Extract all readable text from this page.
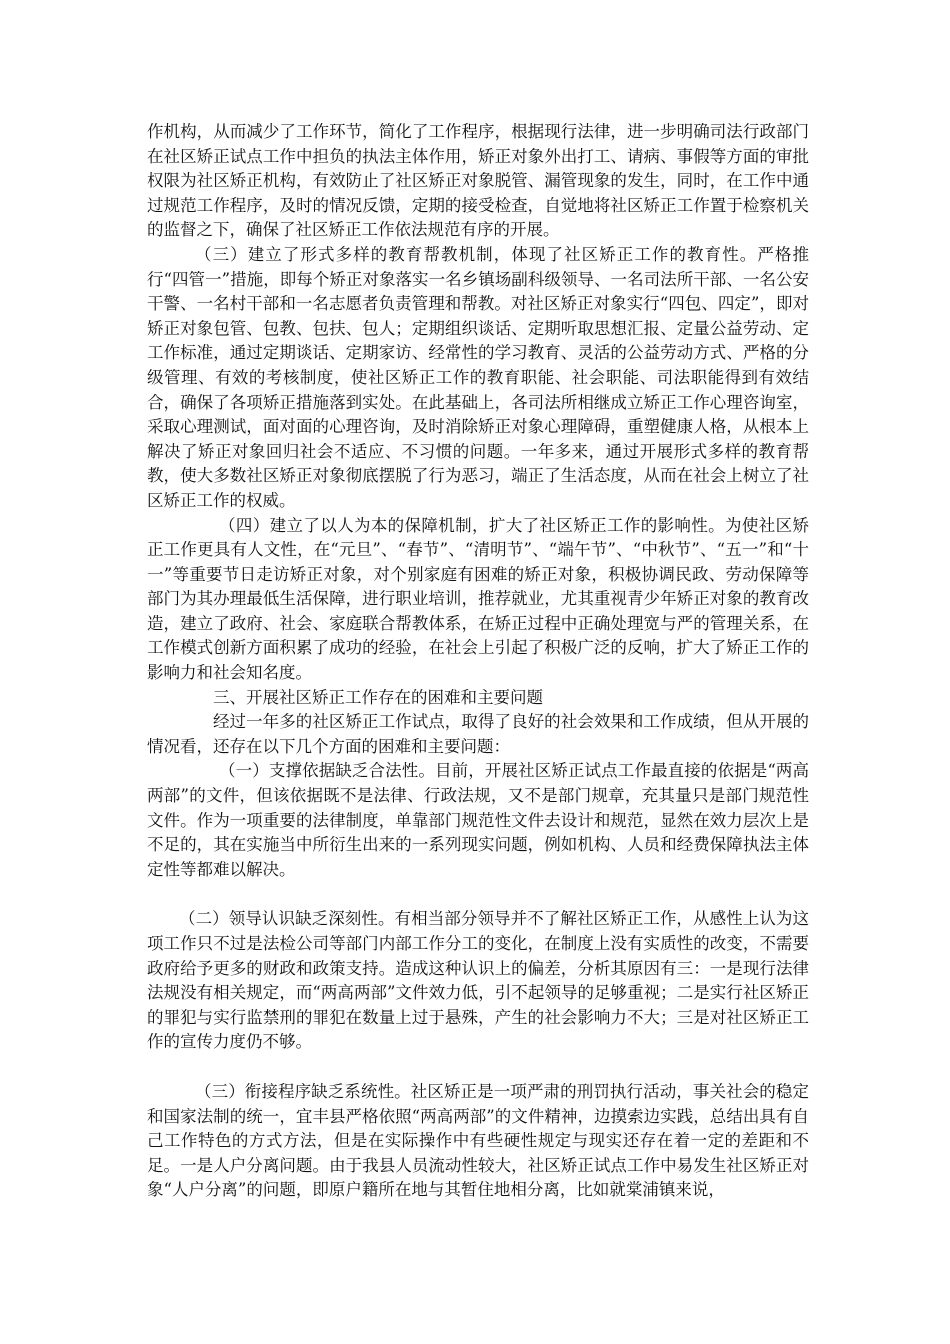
作机构，从而减少了工作环节，简化了工作程序，根据现行法律，进一步明确司法行政部门在社区矫正试点工作中担负的执法主体作用，矫正对象外出打工、请病、事假等方面的审批权限为社区矫正机构，有效防止了社区矫正对象脱管、漏管现象的发生，同时，在工作中通过规范工作程序，及时的情况反馈，定期的接受检查，自觉地将社区矫正工作置于检察机关的监督之下，确保了社区矫正工作依法规范有序的开展。

（三）建立了形式多样的教育帮教机制，体现了社区矫正工作的教育性。严格推行“四管一”措施，即每个矫正对象落实一名乡镇场副科级领导、一名司法所干部、一名公安干警、一名村干部和一名志愿者负责管理和帮教。对社区矫正对象实行“四包、四定”，即对矫正对象包管、包教、包扶、包人；定期组织谈话、定期听取思想汇报、定量公益劳动、定工作标准，通过定期谈话、定期家访、经常性的学习教育、灵活的公益劳动方式、严格的分级管理、有效的考核制度，使社区矫正工作的教育职能、社会职能、司法职能得到有效结合，确保了各项矫正措施落到实处。在此基础上，各司法所相继成立矫正工作心理咨询室，采取心理测试，面对面的心理咨询，及时消除矫正对象心理障碍，重塑健康人格，从根本上解决了矫正对象回归社会不适应、不习惯的问题。一年多来，通过开展形式多样的教育帮教，使大多数社区矫正对象彻底摆脱了行为恶习，端正了生活态度，从而在社会上树立了社区矫正工作的权威。

（四）建立了以人为本的保障机制，扩大了社区矫正工作的影响性。为使社区矫正工作更具有人文性，在“元旦”、“春节”、“清明节”、“端午节”、“中秋节”、“五一”和“十一”等重要节日走访矫正对象，对个别家庭有困难的矫正对象，积极协调民政、劳动保障等部门为其办理最低生活保障，进行职业培训，推荐就业，尤其重视青少年矫正对象的教育改造，建立了政府、社会、家庭联合帮教体系，在矫正过程中正确处理宽与严的管理关系，在工作模式创新方面积累了成功的经验，在社会上引起了积极广泛的反响，扩大了矫正工作的影响力和社会知名度。

三、开展社区矫正工作存在的困难和主要问题

经过一年多的社区矫正工作试点，取得了良好的社会效果和工作成绩，但从开展的情况看，还存在以下几个方面的困难和主要问题：

（一）支撑依据缺乏合法性。目前，开展社区矫正试点工作最直接的依据是“两高两部”的文件，但该依据既不是法律、行政法规，又不是部门规章，充其量只是部门规范性文件。作为一项重要的法律制度，单靠部门规范性文件去设计和规范，显然在效力层次上是不足的，其在实施当中所衍生出来的一系列现实问题，例如机构、人员和经费保障执法主体定性等都难以解决。

（二）领导认识缺乏深刻性。有相当部分领导并不了解社区矫正工作，从感性上认为这项工作只不过是法检公司等部门内部工作分工的变化，在制度上没有实质性的改变，不需要政府给予更多的财政和政策支持。造成这种认识上的偏差，分析其原因有三：一是现行法律法规没有相关规定，而“两高两部”文件效力低，引不起领导的足够重视；二是实行社区矫正的罪犯与实行监禁刑的罪犯在数量上过于悬殊，产生的社会影响力不大；三是对社区矫正工作的宣传力度仍不够。

（三）衔接程序缺乏系统性。社区矫正是一项严肃的刑罚执行活动，事关社会的稳定和国家法制的统一，宜丰县严格依照“两高两部”的文件精神，边摸索边实践，总结出具有自己工作特色的方式方法，但是在实际操作中有些硬性规定与现实还存在着一定的差距和不足。一是人户分离问题。由于我县人员流动性较大，社区矫正试点工作中易发生社区矫正对象“人户分离”的问题，即原户籍所在地与其暂住地相分离，比如就棠浦镇来说，
